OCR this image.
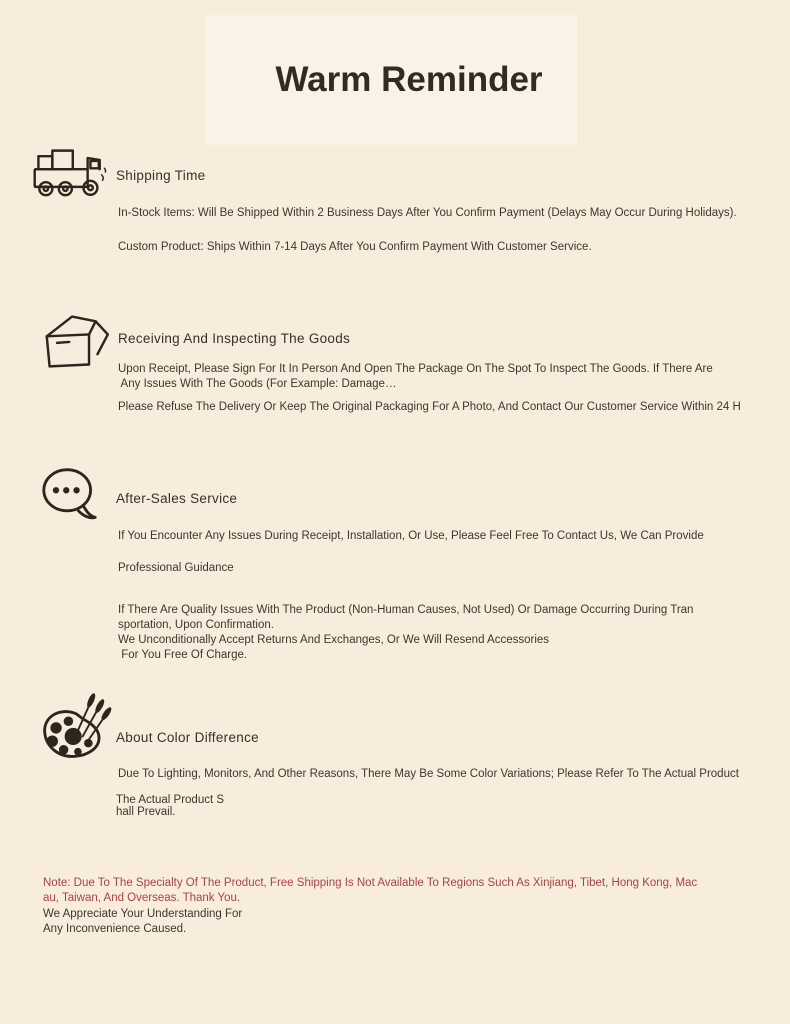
Warm Reminder
Shipping Time
In-Stock Items: Will Be Shipped Within 2 Business Days After You Confirm Payment (Delays May Occur During Holidays).
Custom Product: Ships Within 7-14 Days After You Confirm Payment With Customer Service.
Receiving And Inspecting The Goods
Upon Receipt, Please Sign For It In Person And Open The Package On The Spot To Inspect The Goods. If There Are
Any Issues With The Goods (For Example: Damage…
Please Refuse The Delivery Or Keep The Original Packaging For A Photo, And Contact Our Customer Service Within 24 H
After-Sales Service
If You Encounter Any Issues During Receipt, Installation, Or Use, Please Feel Free To Contact Us, We Can Provide
Professional Guidance
If There Are Quality Issues With The Product (Non-Human Causes, Not Used) Or Damage Occurring During Tran
sportation, Upon Confirmation.
We Unconditionally Accept Returns And Exchanges, Or We Will Resend Accessories
For You Free Of Charge.
About Color Difference
Due To Lighting, Monitors, And Other Reasons, There May Be Some Color Variations; Please Refer To The Actual Product
The Actual Product S
hall Prevail.
Note: Due To The Specialty Of The Product, Free Shipping Is Not Available To Regions Such As Xinjiang, Tibet, Hong Kong, Mac
au, Taiwan, And Overseas. Thank You.
We Appreciate Your Understanding For
Any Inconvenience Caused.
